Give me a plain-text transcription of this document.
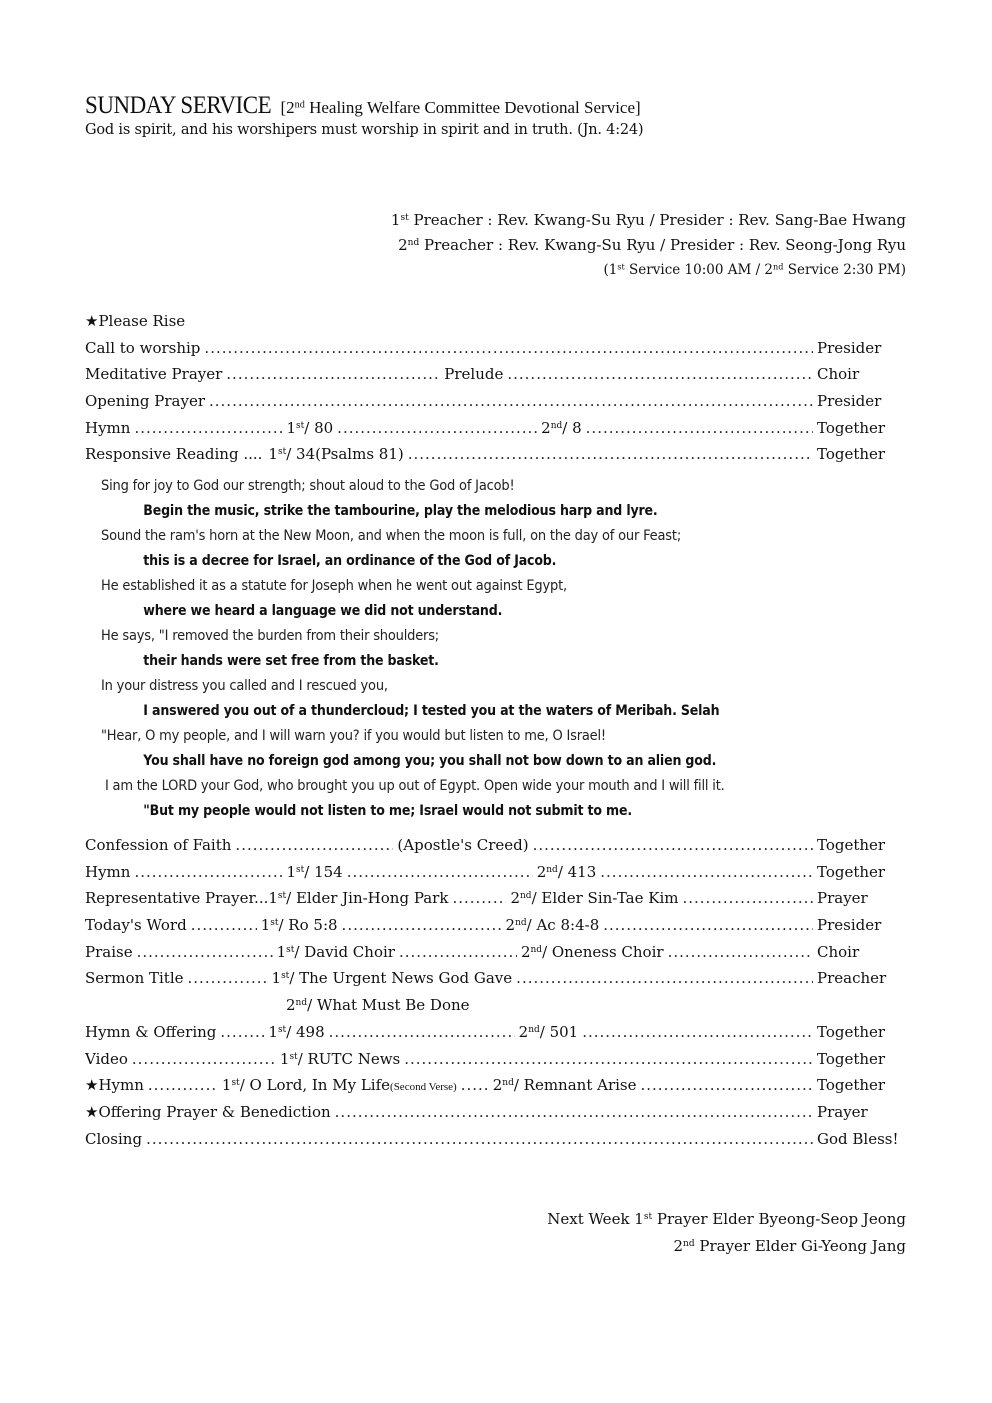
SUNDAY SERVICE [2nd Healing Welfare Committee Devotional Service]
God is spirit, and his worshipers must worship in spirit and in truth. (Jn. 4:24)
1st Preacher : Rev. Kwang-Su Ryu / Presider : Rev. Sang-Bae Hwang
2nd Preacher : Rev. Kwang-Su Ryu / Presider : Rev. Seong-Jong Ryu
(1st Service 10:00 AM / 2nd Service 2:30 PM)
★Please Rise
Call to worship .....	Presider
Meditative Prayer .....	Prelude .....	Choir
Opening Prayer .....	Presider
Hymn .....	1st/ 80 .....	2nd/ 8 .....	Together
Responsive Reading .... 1st/ 34(Psalms 81) .....	Together
Sing for joy to God our strength; shout aloud to the God of Jacob!
Begin the music, strike the tambourine, play the melodious harp and lyre.
Sound the ram's horn at the New Moon, and when the moon is full, on the day of our Feast;
this is a decree for Israel, an ordinance of the God of Jacob.
He established it as a statute for Joseph when he went out against Egypt,
where we heard a language we did not understand.
He says, "I removed the burden from their shoulders;
their hands were set free from the basket.
In your distress you called and I rescued you,
I answered you out of a thundercloud; I tested you at the waters of Meribah. Selah
"Hear, O my people, and I will warn you? if you would but listen to me, O Israel!
You shall have no foreign god among you; you shall not bow down to an alien god.
I am the LORD your God, who brought you up out of Egypt. Open wide your mouth and I will fill it.
"But my people would not listen to me; Israel would not submit to me.
Confession of Faith .....	(Apostle's Creed) .....	Together
Hymn .....	1st/ 154 .....	2nd/ 413 .....	Together
Representative Prayer... 1st/ Elder Jin-Hong Park .....	2nd/ Elder Sin-Tae Kim .....	Prayer
Today's Word .....	1st/ Ro 5:8 .....	2nd/ Ac 8:4-8 .....	Presider
Praise .....	1st/ David Choir .....	2nd/ Oneness Choir .....	Choir
Sermon Title .....	1st/ The Urgent News God Gave .....	Preacher
2nd/ What Must Be Done
Hymn & Offering .....	1st/ 498 .....	2nd/ 501 .....	Together
Video .....	1st/ RUTC News .....	Together
★Hymn .....	1st/ O Lord, In My Life(Second Verse) ..... 2nd/ Remnant Arise .....	Together
★Offering Prayer & Benediction .....	Prayer
Closing .....	God Bless!
Next Week 1st Prayer Elder Byeong-Seop Jeong
2nd Prayer Elder Gi-Yeong Jang
